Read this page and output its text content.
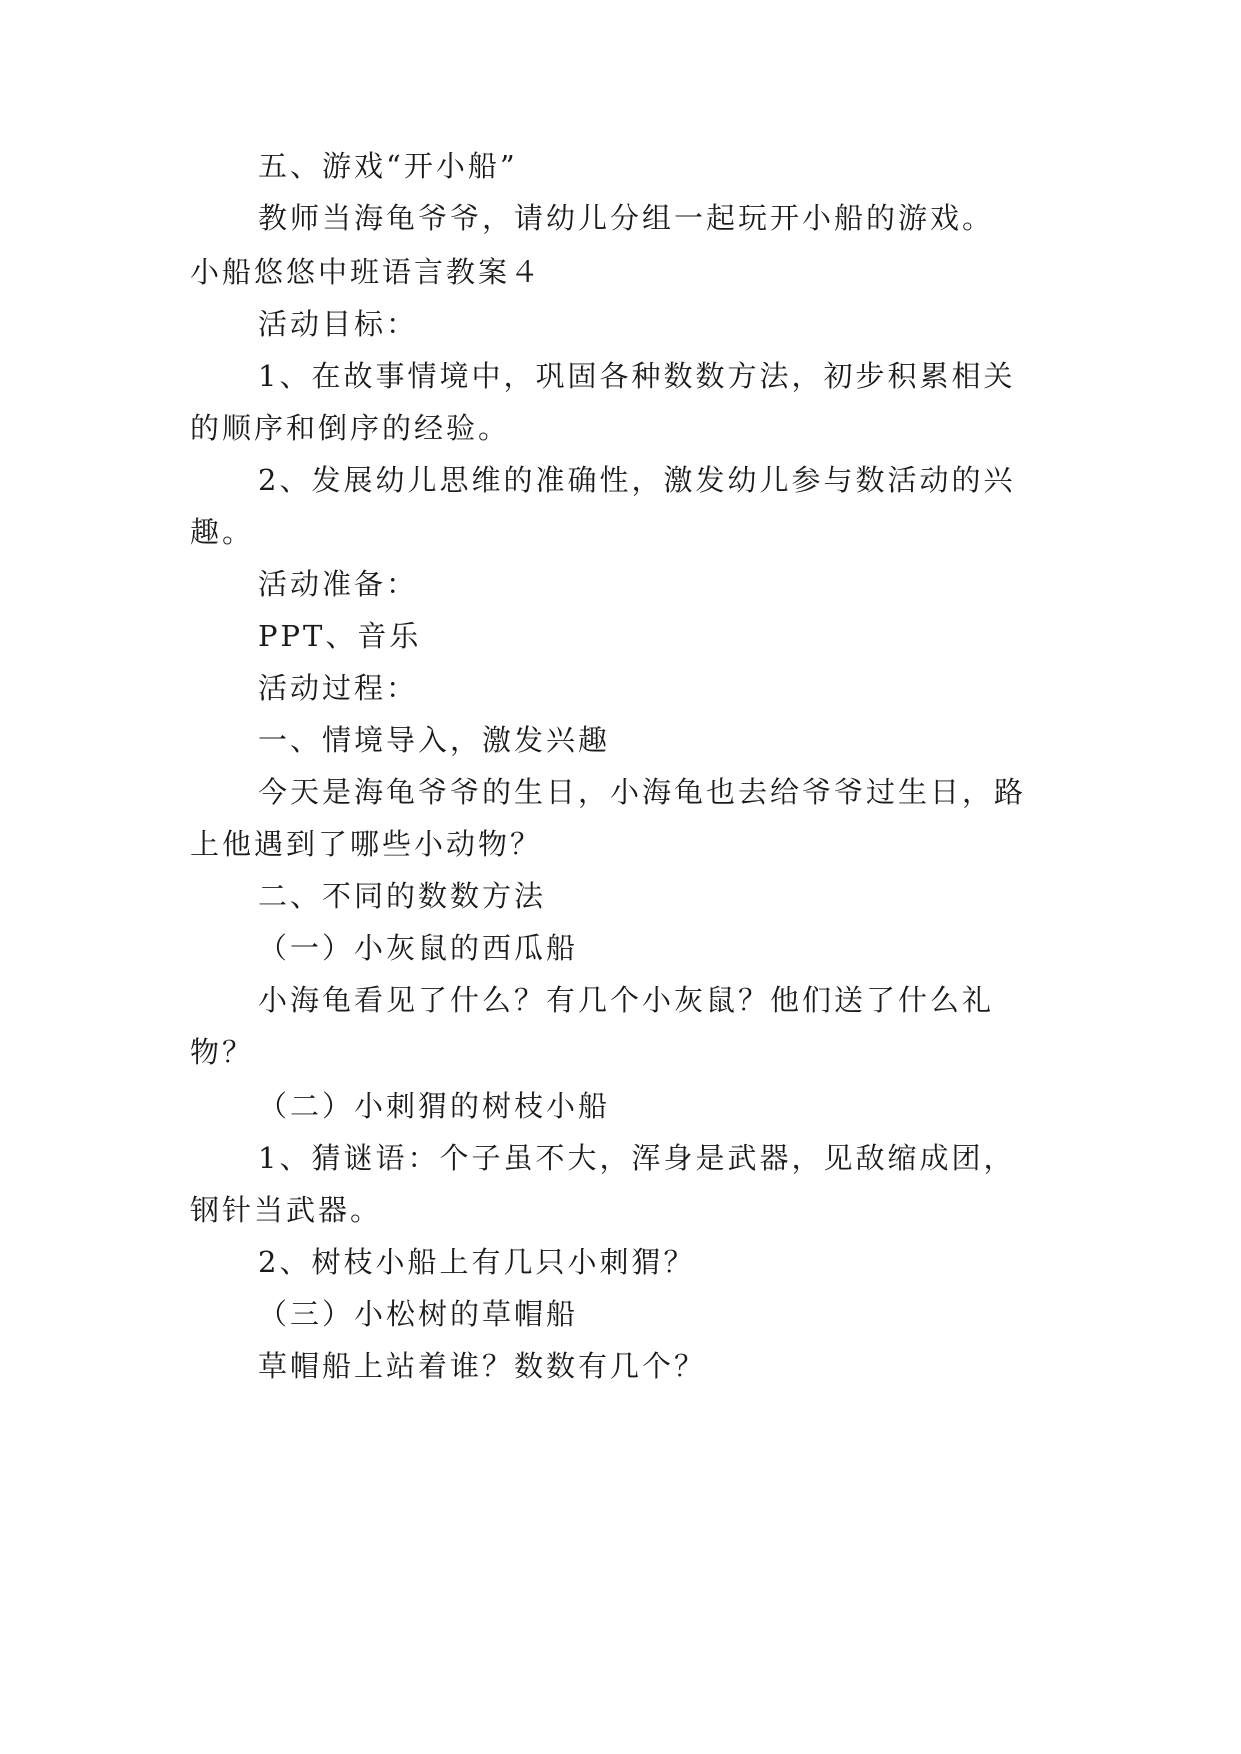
五、游戏“开小船”
教师当海龟爷爷，请幼儿分组一起玩开小船的游戏。
小船悠悠中班语言教案４
活动目标：
1、在故事情境中，巩固各种数数方法，初步积累相关
的顺序和倒序的经验。
2、发展幼儿思维的准确性，激发幼儿参与数活动的兴
趣。
活动准备：
PPT、音乐
活动过程：
一、情境导入，激发兴趣
今天是海龟爷爷的生日，小海龟也去给爷爷过生日，路
上他遇到了哪些小动物？
二、不同的数数方法
（一）小灰鼠的西瓜船
小海龟看见了什么？有几个小灰鼠？他们送了什么礼
物？
（二）小刺猬的树枝小船
1、猜谜语：个子虽不大，浑身是武器，见敌缩成团，
钢针当武器。
2、树枝小船上有几只小刺猬？
（三）小松树的草帽船
草帽船上站着谁？数数有几个？
